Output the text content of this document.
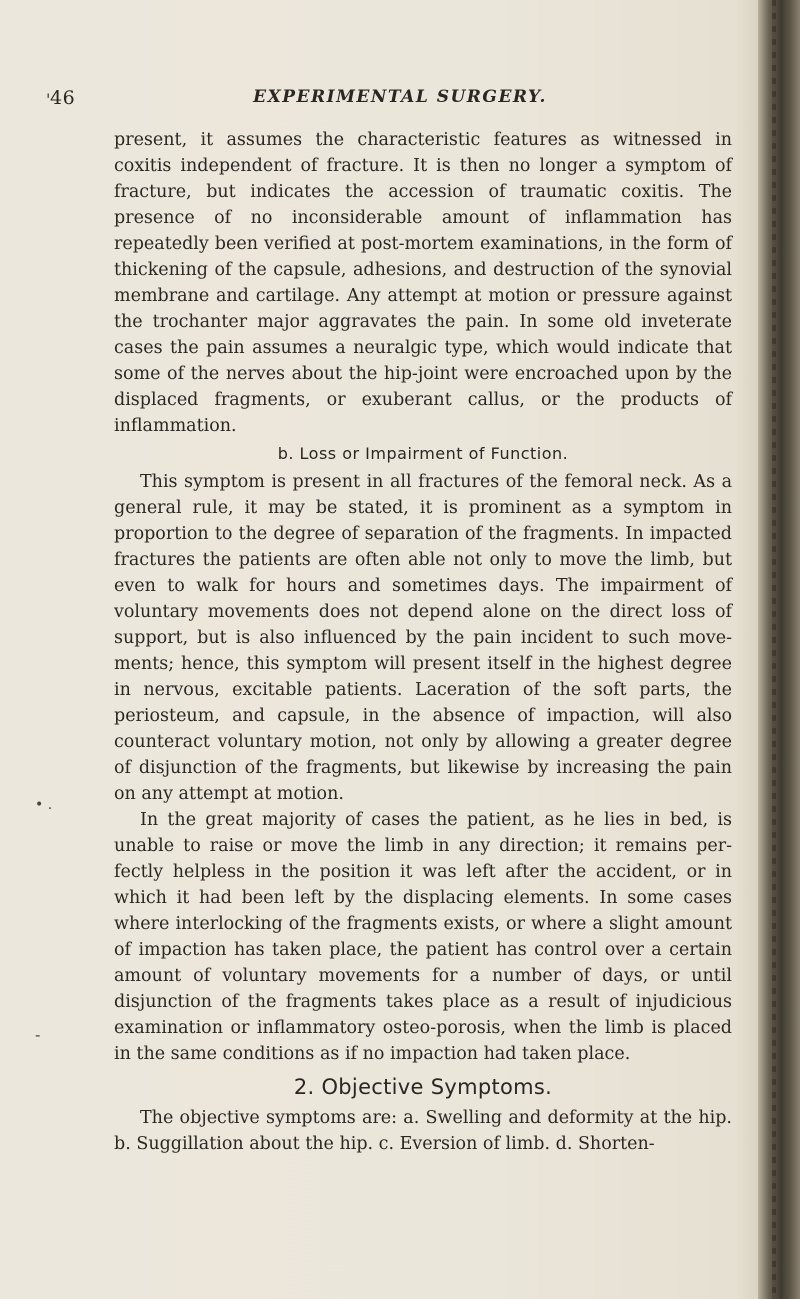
' 46	EXPERIMENTAL SURGERY.

present, it assumes the characteristic features as witnessed in coxitis independent of fracture. It is then no longer a symptom of fracture, but indicates the accession of traumatic coxitis. The presence of no inconsiderable amount of inflammation has repeatedly been verified at post-mortem examinations, in the form of thickening of the capsule, adhesions, and destruction of the synovial membrane and cartilage. Any attempt at motion or pressure against the trochanter major aggravates the pain. In some old inveterate cases the pain assumes a neuralgic type, which would indicate that some of the nerves about the hip-joint were encroached upon by the displaced fragments, or exuberant callus, or the products of inflammation.

b. Loss or Impairment of Function.

This symptom is present in all fractures of the femoral neck. As a general rule, it may be stated, it is prominent as a symptom in proportion to the degree of separation of the fragments. In impacted fractures the patients are often able not only to move the limb, but even to walk for hours and sometimes days. The impairment of voluntary movements does not depend alone on the direct loss of support, but is also influenced by the pain incident to such move- ments; hence, this symptom will present itself in the highest degree in nervous, excitable patients. Laceration of the soft parts, the periosteum, and capsule, in the absence of impaction, will also counteract voluntary motion, not only by allowing a greater degree of disjunction of the fragments, but likewise by increasing the pain on any attempt at motion.

In the great majority of cases the patient, as he lies in bed, is unable to raise or move the limb in any direction; it remains per- fectly helpless in the position it was left after the accident, or in which it had been left by the displacing elements. In some cases where interlocking of the fragments exists, or where a slight amount of impaction has taken place, the patient has control over a certain amount of voluntary movements for a number of days, or until disjunction of the fragments takes place as a result of injudicious examination or inflammatory osteo-porosis, when the limb is placed in the same conditions as if no impaction had taken place.

2. Objective Symptoms.

The objective symptoms are: a. Swelling and deformity at the hip. b. Suggillation about the hip. c. Eversion of limb. d. Shorten-

• .
-
